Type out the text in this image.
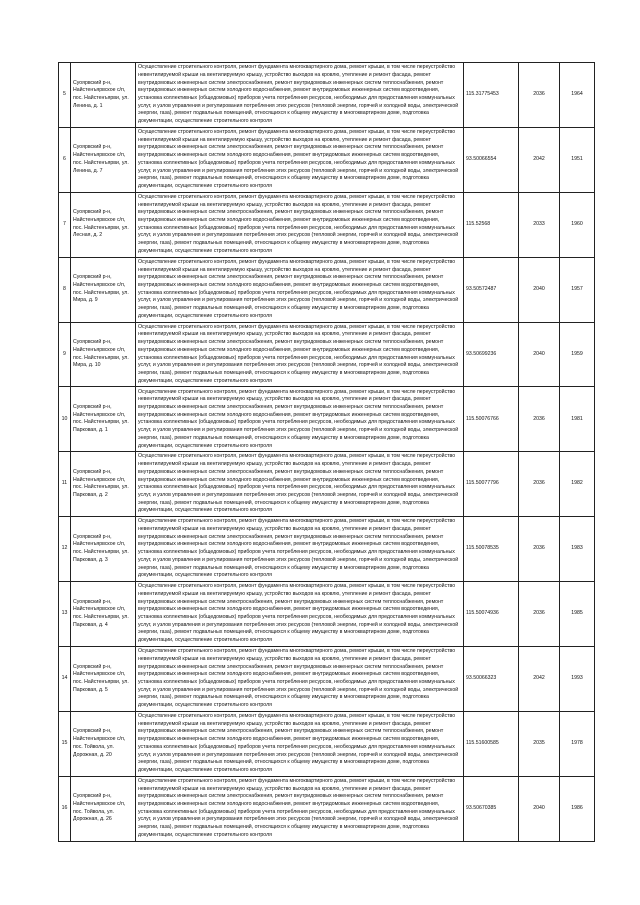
5	Суоярвский р-н, Найстенъярвское с/п, пос. Найстенъярви, ул. Ленина, д. 1	Осуществление строительного контроля, ремонт фундамента многоквартирного дома, ремонт крыши, в том числе переустройство невентилируемой крыши на вентилируемую крышу, устройство выходов на кровлю, утепление и ремонт фасада, ремонт внутридомовых инженерных систем электроснабжения, ремонт внутридомовых инженерных систем теплоснабжения, ремонт внутридомовых инженерных систем холодного водоснабжения, ремонт внутридомовых инженерных систем водоотведения, установка коллективных (общедомовых) приборов учета потребления ресурсов, необходимых для предоставления коммунальных услуг, и узлов управления и регулирования потребления этих ресурсов (тепловой энергии, горячей и холодной воды, электрической энергии, газа), ремонт подвальных помещений, относящихся к общему имуществу в многоквартирном доме, подготовка документации, осуществление строительного контроля	115.31775453	2036	1964
6	Суоярвский р-н, Найстенъярвское с/п, пос. Найстенъярви, ул. Ленина, д. 7	Осуществление строительного контроля, ремонт фундамента многоквартирного дома, ремонт крыши, в том числе переустройство невентилируемой крыши на вентилируемую крышу, устройство выходов на кровлю, утепление и ремонт фасада, ремонт внутридомовых инженерных систем электроснабжения, ремонт внутридомовых инженерных систем теплоснабжения, ремонт внутридомовых инженерных систем холодного водоснабжения, ремонт внутридомовых инженерных систем водоотведения, установка коллективных (общедомовых) приборов учета потребления ресурсов, необходимых для предоставления коммунальных услуг, и узлов управления и регулирования потребления этих ресурсов (тепловой энергии, горячей и холодной воды, электрической энергии, газа), ремонт подвальных помещений, относящихся к общему имуществу в многоквартирном доме, подготовка документации, осуществление строительного контроля	93.50066554	2042	1951
7	Суоярвский р-н, Найстенъярвское с/п, пос. Найстенъярви, ул. Лесная, д. 2	Осуществление строительного контроля, ремонт фундамента многоквартирного дома, ремонт крыши, в том числе переустройство невентилируемой крыши на вентилируемую крышу, устройство выходов на кровлю, утепление и ремонт фасада, ремонт внутридомовых инженерных систем электроснабжения, ремонт внутридомовых инженерных систем теплоснабжения, ремонт внутридомовых инженерных систем холодного водоснабжения, ремонт внутридомовых инженерных систем водоотведения, установка коллективных (общедомовых) приборов учета потребления ресурсов, необходимых для предоставления коммунальных услуг, и узлов управления и регулирования потребления этих ресурсов (тепловой энергии, горячей и холодной воды, электрической энергии, газа), ремонт подвальных помещений, относящихся к общему имуществу в многоквартирном доме, подготовка документации, осуществление строительного контроля	115.52568	2033	1960
8	Суоярвский р-н, Найстенъярвское с/п, пос. Найстенъярви, ул. Мира, д. 9	Осуществление строительного контроля, ремонт фундамента многоквартирного дома, ремонт крыши, в том числе переустройство невентилируемой крыши на вентилируемую крышу, устройство выходов на кровлю, утепление и ремонт фасада, ремонт внутридомовых инженерных систем электроснабжения, ремонт внутридомовых инженерных систем теплоснабжения, ремонт внутридомовых инженерных систем холодного водоснабжения, ремонт внутридомовых инженерных систем водоотведения, установка коллективных (общедомовых) приборов учета потребления ресурсов, необходимых для предоставления коммунальных услуг, и узлов управления и регулирования потребления этих ресурсов (тепловой энергии, горячей и холодной воды, электрической энергии, газа), ремонт подвальных помещений, относящихся к общему имуществу в многоквартирном доме, подготовка документации, осуществление строительного контроля	93.50572487	2040	1957
9	Суоярвский р-н, Найстенъярвское с/п, пос. Найстенъярви, ул. Мира, д. 10	Осуществление строительного контроля, ремонт фундамента многоквартирного дома, ремонт крыши, в том числе переустройство невентилируемой крыши на вентилируемую крышу, устройство выходов на кровлю, утепление и ремонт фасада, ремонт внутридомовых инженерных систем электроснабжения, ремонт внутридомовых инженерных систем теплоснабжения, ремонт внутридомовых инженерных систем холодного водоснабжения, ремонт внутридомовых инженерных систем водоотведения, установка коллективных (общедомовых) приборов учета потребления ресурсов, необходимых для предоставления коммунальных услуг, и узлов управления и регулирования потребления этих ресурсов (тепловой энергии, горячей и холодной воды, электрической энергии, газа), ремонт подвальных помещений, относящихся к общему имуществу в многоквартирном доме, подготовка документации, осуществление строительного контроля	93.50699236	2040	1959
10	Суоярвский р-н, Найстенъярвское с/п, пос. Найстенъярви, ул. Парковая, д. 1	Осуществление строительного контроля, ремонт фундамента многоквартирного дома, ремонт крыши, в том числе переустройство невентилируемой крыши на вентилируемую крышу, устройство выходов на кровлю, утепление и ремонт фасада, ремонт внутридомовых инженерных систем электроснабжения, ремонт внутридомовых инженерных систем теплоснабжения, ремонт внутридомовых инженерных систем холодного водоснабжения, ремонт внутридомовых инженерных систем водоотведения, установка коллективных (общедомовых) приборов учета потребления ресурсов, необходимых для предоставления коммунальных услуг, и узлов управления и регулирования потребления этих ресурсов (тепловой энергии, горячей и холодной воды, электрической энергии, газа), ремонт подвальных помещений, относящихся к общему имуществу в многоквартирном доме, подготовка документации, осуществление строительного контроля	115.50076766	2036	1981
11	Суоярвский р-н, Найстенъярвское с/п, пос. Найстенъярви, ул. Парковая, д. 2	Осуществление строительного контроля, ремонт фундамента многоквартирного дома, ремонт крыши, в том числе переустройство невентилируемой крыши на вентилируемую крышу, устройство выходов на кровлю, утепление и ремонт фасада, ремонт внутридомовых инженерных систем электроснабжения, ремонт внутридомовых инженерных систем теплоснабжения, ремонт внутридомовых инженерных систем холодного водоснабжения, ремонт внутридомовых инженерных систем водоотведения, установка коллективных (общедомовых) приборов учета потребления ресурсов, необходимых для предоставления коммунальных услуг, и узлов управления и регулирования потребления этих ресурсов (тепловой энергии, горячей и холодной воды, электрической энергии, газа), ремонт подвальных помещений, относящихся к общему имуществу в многоквартирном доме, подготовка документации, осуществление строительного контроля	115.50077796	2036	1982
12	Суоярвский р-н, Найстенъярвское с/п, пос. Найстенъярви, ул. Парковая, д. 3	Осуществление строительного контроля, ремонт фундамента многоквартирного дома, ремонт крыши, в том числе переустройство невентилируемой крыши на вентилируемую крышу, устройство выходов на кровлю, утепление и ремонт фасада, ремонт внутридомовых инженерных систем электроснабжения, ремонт внутридомовых инженерных систем теплоснабжения, ремонт внутридомовых инженерных систем холодного водоснабжения, ремонт внутридомовых инженерных систем водоотведения, установка коллективных (общедомовых) приборов учета потребления ресурсов, необходимых для предоставления коммунальных услуг, и узлов управления и регулирования потребления этих ресурсов (тепловой энергии, горячей и холодной воды, электрической энергии, газа), ремонт подвальных помещений, относящихся к общему имуществу в многоквартирном доме, подготовка документации, осуществление строительного контроля	115.50078535	2036	1983
13	Суоярвский р-н, Найстенъярвское с/п, пос. Найстенъярви, ул. Парковая, д. 4	Осуществление строительного контроля, ремонт фундамента многоквартирного дома, ремонт крыши, в том числе переустройство невентилируемой крыши на вентилируемую крышу, устройство выходов на кровлю, утепление и ремонт фасада, ремонт внутридомовых инженерных систем электроснабжения, ремонт внутридомовых инженерных систем теплоснабжения, ремонт внутридомовых инженерных систем холодного водоснабжения, ремонт внутридомовых инженерных систем водоотведения, установка коллективных (общедомовых) приборов учета потребления ресурсов, необходимых для предоставления коммунальных услуг, и узлов управления и регулирования потребления этих ресурсов (тепловой энергии, горячей и холодной воды, электрической энергии, газа), ремонт подвальных помещений, относящихся к общему имуществу в многоквартирном доме, подготовка документации, осуществление строительного контроля	115.50074936	2036	1985
14	Суоярвский р-н, Найстенъярвское с/п, пос. Найстенъярви, ул. Парковая, д. 5	Осуществление строительного контроля, ремонт фундамента многоквартирного дома, ремонт крыши, в том числе переустройство невентилируемой крыши на вентилируемую крышу, устройство выходов на кровлю, утепление и ремонт фасада, ремонт внутридомовых инженерных систем электроснабжения, ремонт внутридомовых инженерных систем теплоснабжения, ремонт внутридомовых инженерных систем холодного водоснабжения, ремонт внутридомовых инженерных систем водоотведения, установка коллективных (общедомовых) приборов учета потребления ресурсов, необходимых для предоставления коммунальных услуг, и узлов управления и регулирования потребления этих ресурсов (тепловой энергии, горячей и холодной воды, электрической энергии, газа), ремонт подвальных помещений, относящихся к общему имуществу в многоквартирном доме, подготовка документации, осуществление строительного контроля	93.50066323	2042	1993
15	Суоярвский р-н, Найстенъярвское с/п, пос. Тойвола, ул. Дорожная, д. 20	Осуществление строительного контроля, ремонт фундамента многоквартирного дома, ремонт крыши, в том числе переустройство невентилируемой крыши на вентилируемую крышу, устройство выходов на кровлю, утепление и ремонт фасада, ремонт внутридомовых инженерных систем электроснабжения, ремонт внутридомовых инженерных систем теплоснабжения, ремонт внутридомовых инженерных систем холодного водоснабжения, ремонт внутридомовых инженерных систем водоотведения, установка коллективных (общедомовых) приборов учета потребления ресурсов, необходимых для предоставления коммунальных услуг, и узлов управления и регулирования потребления этих ресурсов (тепловой энергии, горячей и холодной воды, электрической энергии, газа), ремонт подвальных помещений, относящихся к общему имуществу в многоквартирном доме, подготовка документации, осуществление строительного контроля	115.51600585	2035	1978
16	Суоярвский р-н, Найстенъярвское с/п, пос. Тойвола, ул. Дорожная, д. 26	Осуществление строительного контроля, ремонт фундамента многоквартирного дома, ремонт крыши, в том числе переустройство невентилируемой крыши на вентилируемую крышу, устройство выходов на кровлю, утепление и ремонт фасада, ремонт внутридомовых инженерных систем электроснабжения, ремонт внутридомовых инженерных систем теплоснабжения, ремонт внутридомовых инженерных систем холодного водоснабжения, ремонт внутридомовых инженерных систем водоотведения, установка коллективных (общедомовых) приборов учета потребления ресурсов, необходимых для предоставления коммунальных услуг, и узлов управления и регулирования потребления этих ресурсов (тепловой энергии, горячей и холодной воды, электрической энергии, газа), ремонт подвальных помещений, относящихся к общему имуществу в многоквартирном доме, подготовка документации, осуществление строительного контроля	93.50670385	2040	1986
